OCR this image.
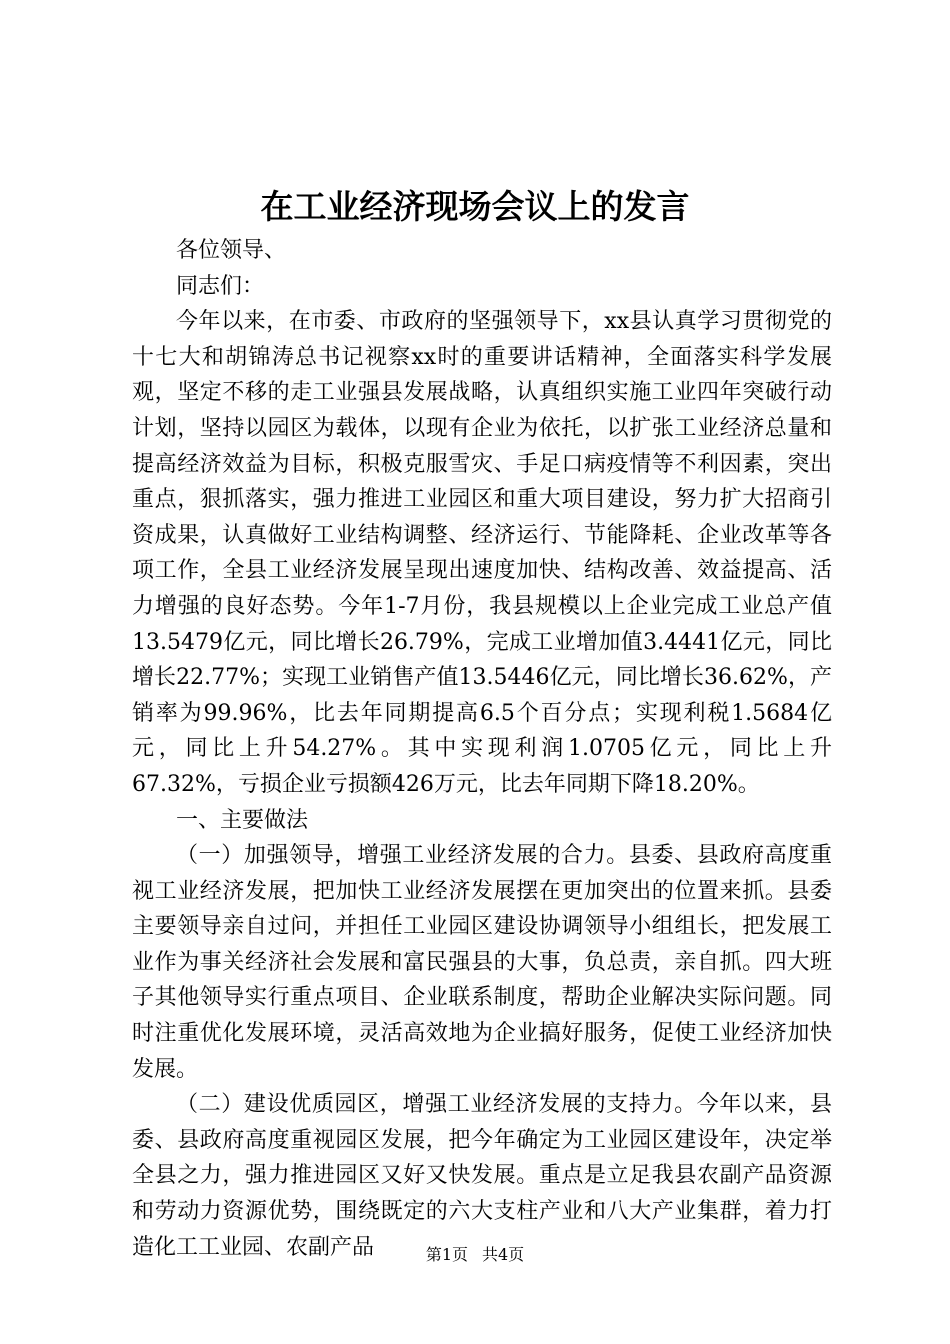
在工业经济现场会议上的发言

各位领导、

同志们：

今年以来，在市委、市政府的坚强领导下，xx县认真学习贯彻党的十七大和胡锦涛总书记视察xx时的重要讲话精神，全面落实科学发展观，坚定不移的走工业强县发展战略，认真组织实施工业四年突破行动计划，坚持以园区为载体，以现有企业为依托，以扩张工业经济总量和提高经济效益为目标，积极克服雪灾、手足口病疫情等不利因素，突出重点，狠抓落实，强力推进工业园区和重大项目建设，努力扩大招商引资成果，认真做好工业结构调整、经济运行、节能降耗、企业改革等各项工作，全县工业经济发展呈现出速度加快、结构改善、效益提高、活力增强的良好态势。今年1-7月份，我县规模以上企业完成工业总产值13.5479亿元，同比增长26.79%，完成工业增加值3.4441亿元，同比增长22.77%；实现工业销售产值13.5446亿元，同比增长36.62%，产销率为99.96%，比去年同期提高6.5个百分点；实现利税1.5684亿元，同比上升54.27%。其中实现利润1.0705亿元，同比上升67.32%，亏损企业亏损额426万元，比去年同期下降18.20%。

一、主要做法

（一）加强领导，增强工业经济发展的合力。县委、县政府高度重视工业经济发展，把加快工业经济发展摆在更加突出的位置来抓。县委主要领导亲自过问，并担任工业园区建设协调领导小组组长，把发展工业作为事关经济社会发展和富民强县的大事，负总责，亲自抓。四大班子其他领导实行重点项目、企业联系制度，帮助企业解决实际问题。同时注重优化发展环境，灵活高效地为企业搞好服务，促使工业经济加快发展。

（二）建设优质园区，增强工业经济发展的支持力。今年以来，县委、县政府高度重视园区发展，把今年确定为工业园区建设年，决定举全县之力，强力推进园区又好又快发展。重点是立足我县农副产品资源和劳动力资源优势，围绕既定的六大支柱产业和八大产业集群，着力打造化工工业园、农副产品	第1页 共4页
